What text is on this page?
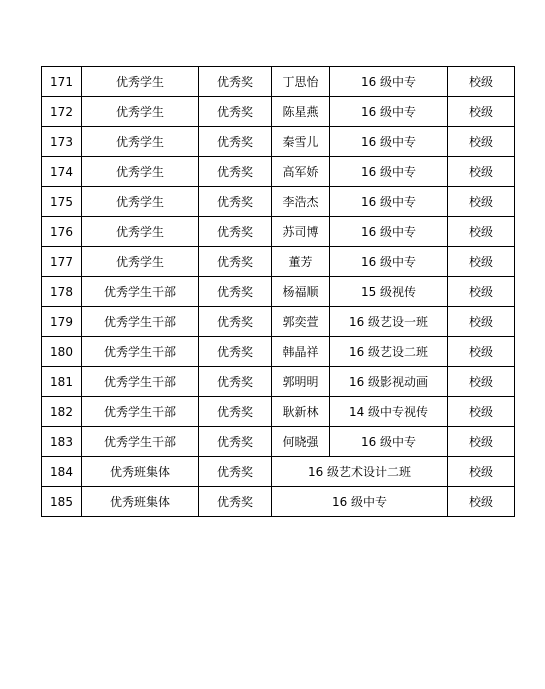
171	优秀学生	优秀奖	丁思怡	16 级中专	校级
172	优秀学生	优秀奖	陈星燕	16 级中专	校级
173	优秀学生	优秀奖	秦雪儿	16 级中专	校级
174	优秀学生	优秀奖	高军娇	16 级中专	校级
175	优秀学生	优秀奖	李浩杰	16 级中专	校级
176	优秀学生	优秀奖	苏司博	16 级中专	校级
177	优秀学生	优秀奖	董芳	16 级中专	校级
178	优秀学生干部	优秀奖	杨福顺	15 级视传	校级
179	优秀学生干部	优秀奖	郭奕萱	16 级艺设一班	校级
180	优秀学生干部	优秀奖	韩晶祥	16 级艺设二班	校级
181	优秀学生干部	优秀奖	郭明明	16 级影视动画	校级
182	优秀学生干部	优秀奖	耿新林	14 级中专视传	校级
183	优秀学生干部	优秀奖	何晓强	16 级中专	校级
184	优秀班集体	优秀奖	16 级艺术设计二班		校级
185	优秀班集体	优秀奖	16 级中专		校级
